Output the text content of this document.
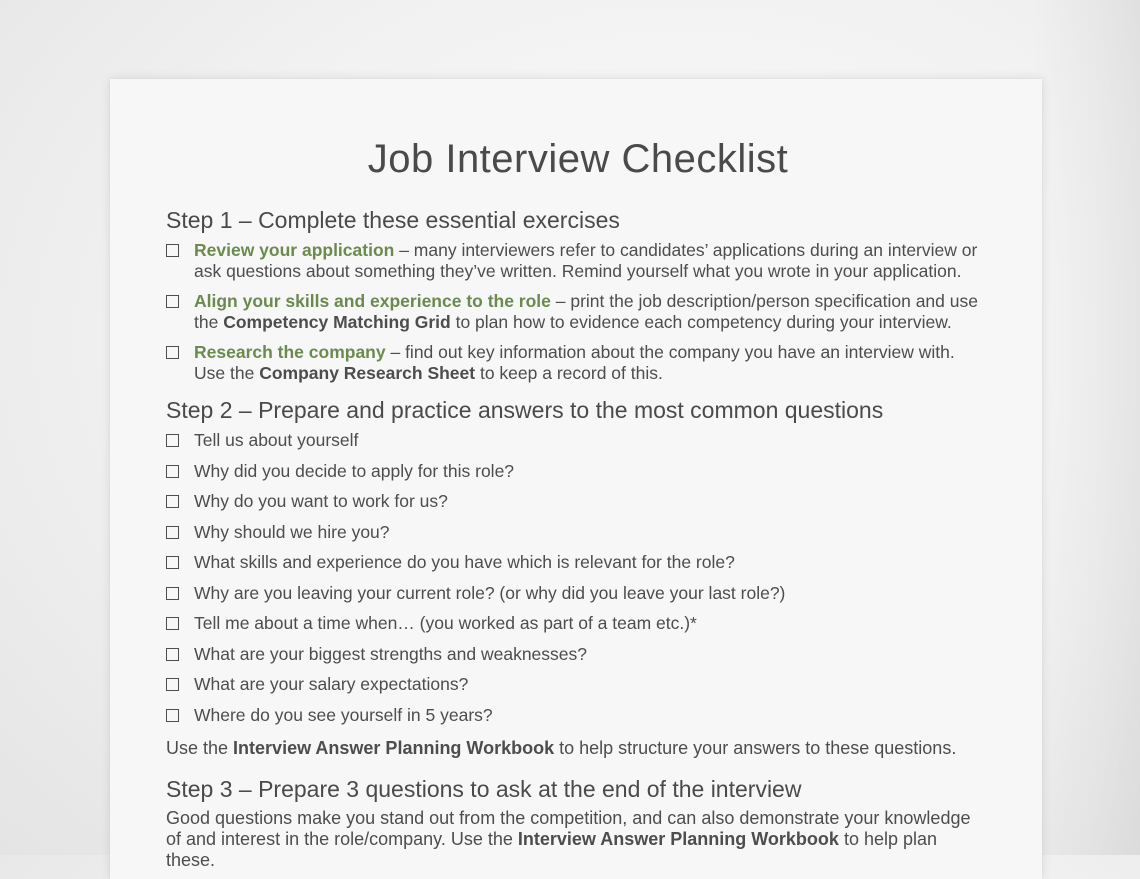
Job Interview Checklist
Step 1 – Complete these essential exercises
Review your application – many interviewers refer to candidates’ applications during an interview or ask questions about something they’ve written. Remind yourself what you wrote in your application.
Align your skills and experience to the role – print the job description/person specification and use the Competency Matching Grid to plan how to evidence each competency during your interview.
Research the company – find out key information about the company you have an interview with. Use the Company Research Sheet to keep a record of this.
Step 2 – Prepare and practice answers to the most common questions
Tell us about yourself
Why did you decide to apply for this role?
Why do you want to work for us?
Why should we hire you?
What skills and experience do you have which is relevant for the role?
Why are you leaving your current role? (or why did you leave your last role?)
Tell me about a time when… (you worked as part of a team etc.)*
What are your biggest strengths and weaknesses?
What are your salary expectations?
Where do you see yourself in 5 years?
Use the Interview Answer Planning Workbook to help structure your answers to these questions.
Step 3 – Prepare 3 questions to ask at the end of the interview
Good questions make you stand out from the competition, and can also demonstrate your knowledge of and interest in the role/company. Use the Interview Answer Planning Workbook to help plan these.
